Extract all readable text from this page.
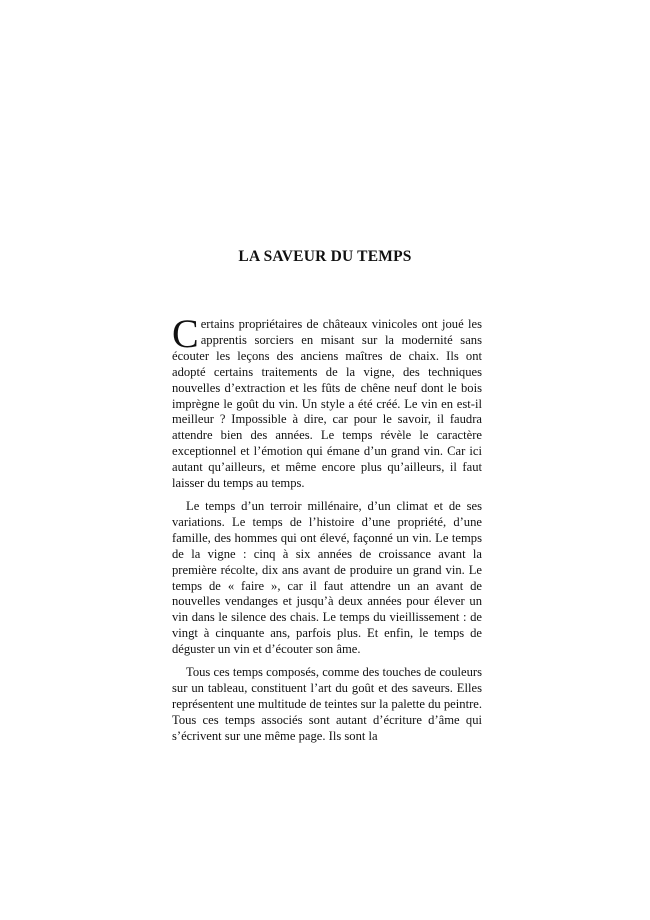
LA SAVEUR DU TEMPS

Certains propriétaires de châteaux vinicoles ont joué les apprentis sorciers en misant sur la modernité sans écouter les leçons des anciens maîtres de chaix. Ils ont adopté certains traitements de la vigne, des techniques nouvelles d’extraction et les fûts de chêne neuf dont le bois imprègne le goût du vin. Un style a été créé. Le vin en est-il meilleur ? Impossible à dire, car pour le savoir, il faudra attendre bien des années. Le temps révèle le caractère exceptionnel et l’émotion qui émane d’un grand vin. Car ici autant qu’ailleurs, et même encore plus qu’ailleurs, il faut laisser du temps au temps.

Le temps d’un terroir millénaire, d’un climat et de ses variations. Le temps de l’histoire d’une propriété, d’une famille, des hommes qui ont élevé, façonné un vin. Le temps de la vigne : cinq à six années de croissance avant la première récolte, dix ans avant de produire un grand vin. Le temps de « faire », car il faut attendre un an avant de nouvelles vendanges et jusqu’à deux années pour élever un vin dans le silence des chais. Le temps du vieillissement : de vingt à cinquante ans, parfois plus. Et enfin, le temps de déguster un vin et d’écouter son âme.

Tous ces temps composés, comme des touches de couleurs sur un tableau, constituent l’art du goût et des saveurs. Elles représentent une multitude de teintes sur la palette du peintre. Tous ces temps associés sont autant d’écriture d’âme qui s’écrivent sur une même page. Ils sont la
